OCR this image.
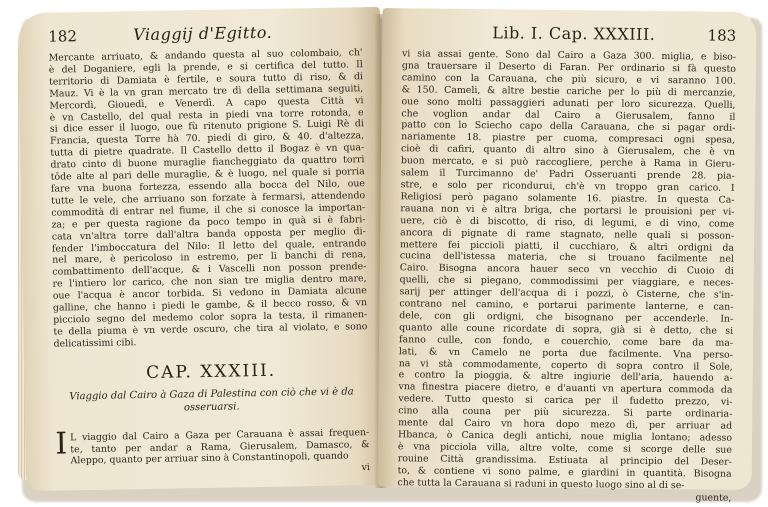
182	Viaggij d'Egitto.
Mercante arriuato, & andando questa al suo colombaio, ch'
è del Doganiere, egli la prende, e si certifica del tutto. Il
territorio di Damiata è fertile, e soura tutto di riso, & di
Mauz. Vi è la vn gran mercato tre dì della settimana seguiti,
Mercordì, Giouedì, e Venerdì. A capo questa Città vi
è vn Castello, del qual resta in piedi vna torre rotonda, e
si dice esser il luogo, oue fù ritenuto prigione S. Luigi Rè di
Francia, questa Torre hà 70. piedi di giro, & 40. d'altezza,
tutta di pietre quadrate. Il Castello detto il Bogaz è vn qua-
drato cinto di buone muraglie fiancheggiato da quattro torri
tōde alte al pari delle muraglie, & è luogo, nel quale si porria
fare vna buona fortezza, essendo alla bocca del Nilo, oue
tutte le vele, che arriuano son forzate à fermarsi, attendendo
commodità di entrar nel fiume, il che si conosce la importan-
za; e per questa ragione da poco tempo in quà si è fabri-
cata vn'altra torre dall'altra banda opposta per meglio di-
fender l'imboccatura del Nilo: Il letto del quale, entrando
nel mare, è pericoloso in estremo, per li banchi di rena,
combattimento dell'acque, & i Vascelli non posson prende-
re l'intiero lor carico, che non sian tre miglia dentro mare,
oue l'acqua è ancor torbida. Si vedono in Damiata alcune
galline, che hanno i piedi le gambe, & il becco rosso, & vn
picciolo segno del medemo color sopra la testa, il rimanen-
te della piuma è vn verde oscuro, che tira al violato, e sono
delicatissimi cibi.
CAP. XXXIII.
Viaggio dal Cairo à Gaza di Palestina con ciò che vi è da osseruarsi.
I L viaggio dal Cairo a Gaza per Carauana è assai frequen-
te, tanto per andar a Rama, Gierusalem, Damasco, &
Aleppo, quanto per arriuar sino à Constantinopoli, quando
vi
Lib. I. Cap. XXXIII.	183
vi sia assai gente. Sono dal Cairo a Gaza 300. miglia, e biso-
gna trauersare il Deserto di Faran. Per ordinario si fà questo
camino con la Carauana, che più sicuro, e vi saranno 100.
& 150. Cameli, & altre bestie cariche per lo più di mercanzie,
oue sono molti passaggieri adunati per loro sicurezza. Quelli,
che voglion andar dal Cairo a Gierusalem, fanno il
patto con lo Sciecho capo della Carauana, che si pagar ordi-
nariamente 18. piastre per cuoma, compresaci ogni spesa,
cioè di cafiri, quanto di altro sino à Gierusalem, che è vn
buon mercato, e si può raccogliere, perche à Rama in Gieru-
salem il Turcimanno de' Padri Osseruanti prende 28. pia-
stre, e solo per ricondurui, ch'è vn troppo gran carico. I
Religiosi però pagano solamente 16. piastre. In questa Ca-
rauana non vi è altra briga, che portarsi le prouisioni per vi-
uere, ciò è di biscotto, di riso, di legumi, e di vino, come
ancora di pignate di rame stagnato, nelle quali si posson-
mettere fei piccioli piatti, il cucchiaro, & altri ordigni da
cucina dell'istessa materia, che si trouano facilmente nel
Cairo. Bisogna ancora hauer seco vn vecchio di Cuoio di
quelli, che si piegano, commodissimi per viaggiare, e neces-
sarij per attinger dell'acqua di i pozzi, ò Cisterne, che s'in-
contrano nel camino, e portarui parimente lanterne, e can-
dele, con gli ordigni, che bisognano per accenderle. In-
quanto alle coune ricordate di sopra, già si è detto, che si
fanno culle, con fondo, e couerchio, come bare da ma-
lati, & vn Camelo ne porta due facilmente. Vna perso-
na vi stà commodamente, coperto di sopra contro il Sole,
e contro la pioggia, & altre ingiurie dell'aria, hauendo a-
vna finestra piacere dietro, e d'auanti vn apertura commoda da
vedere. Tutto questo si carica per il fudetto prezzo, vi-
cino alla couna per più sicurezza. Si parte ordinaria-
mente dal Cairo vn hora dopo mezo dì, per arriuar ad
Hbanca, ò Canica degli antichi, noue miglia lontano; adesso
è vna picciola villa, altre volte, come si scorge delle sue
rouine Città grandissima. Estiuata al principio del Deser-
to, & contiene vi sono palme, e giardini in quantità. Bisogna
che tutta la Carauana si raduni in questo luogo sino al di se-
guente,
